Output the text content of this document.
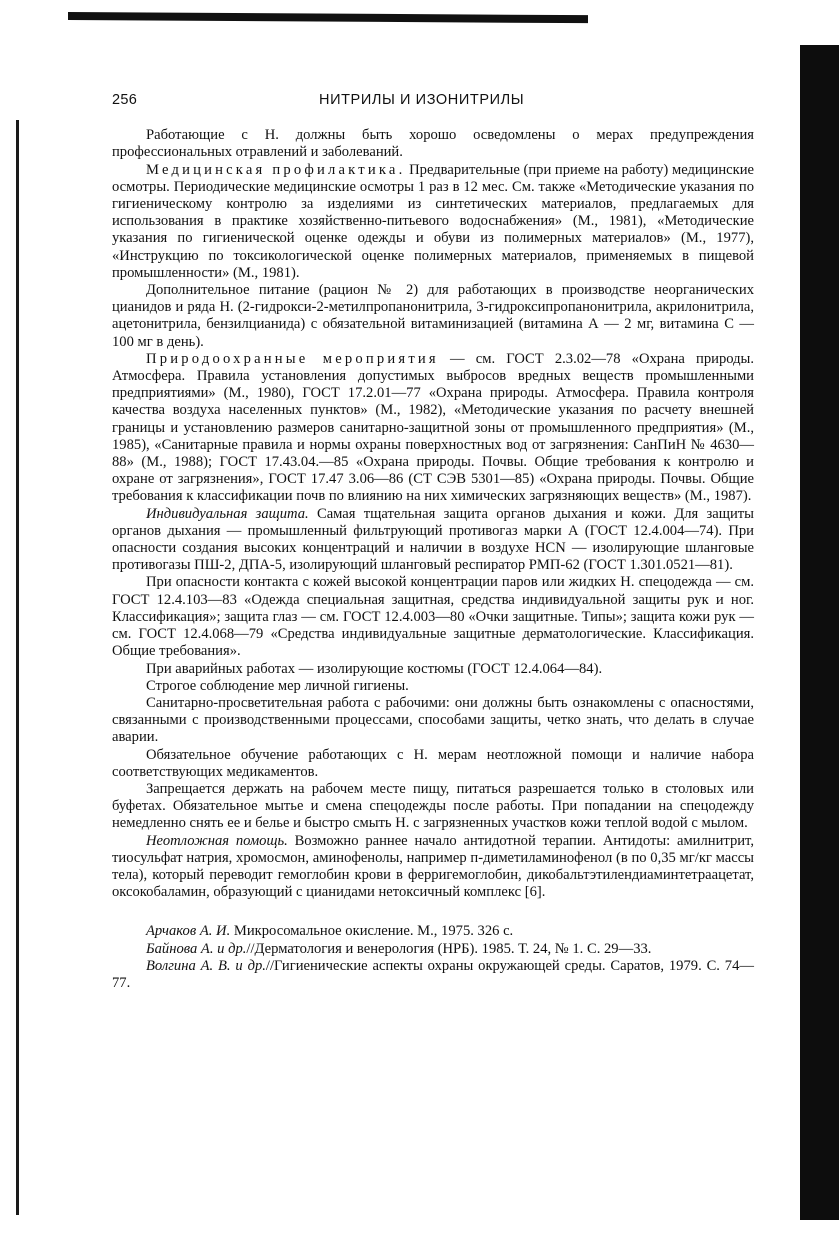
256	НИТРИЛЫ И ИЗОНИТРИЛЫ

Работающие с Н. должны быть хорошо осведомлены о мерах предупреждения профессиональных отравлений и заболеваний.

Медицинская профилактика. Предварительные (при приеме на работу) медицинские осмотры. Периодические медицинские осмотры 1 раз в 12 мес. См. также «Методические указания по гигиеническому контролю за изделиями из синтетических материалов, предлагаемых для использования в практике хозяйственно-питьевого водоснабжения» (М., 1981), «Методические указания по гигиенической оценке одежды и обуви из полимерных материалов» (М., 1977), «Инструкцию по токсикологической оценке полимерных материалов, применяемых в пищевой промышленности» (М., 1981).

Дополнительное питание (рацион № 2) для работающих в производстве неорганических цианидов и ряда Н. (2-гидрокси-2-метилпропанонитрила, 3-гидроксипропанонитрила, акрилонитрила, ацетонитрила, бензилцианида) с обязательной витаминизацией (витамина А — 2 мг, витамина С — 100 мг в день).

Природоохранные мероприятия — см. ГОСТ 2.3.02—78 «Охрана природы. Атмосфера. Правила установления допустимых выбросов вредных веществ промышленными предприятиями» (М., 1980), ГОСТ 17.2.01—77 «Охрана природы. Атмосфера. Правила контроля качества воздуха населенных пунктов» (М., 1982), «Методические указания по расчету внешней границы и установлению размеров санитарно-защитной зоны от промышленного предприятия» (М., 1985), «Санитарные правила и нормы охраны поверхностных вод от загрязнения: СанПиН № 4630—88» (М., 1988); ГОСТ 17.43.04.—85 «Охрана природы. Почвы. Общие требования к контролю и охране от загрязнения», ГОСТ 17.47 3.06—86 (СТ СЭВ 5301—85) «Охрана природы. Почвы. Общие требования к классификации почв по влиянию на них химических загрязняющих веществ» (М., 1987).

Индивидуальная защита. Самая тщательная защита органов дыхания и кожи. Для защиты органов дыхания — промышленный фильтрующий противогаз марки А (ГОСТ 12.4.004—74). При опасности создания высоких концентраций и наличии в воздухе HCN — изолирующие шланговые противогазы ПШ-2, ДПА-5, изолирующий шланговый респиратор РМП-62 (ГОСТ 1.301.0521—81).

При опасности контакта с кожей высокой концентрации паров или жидких Н. спецодежда — см. ГОСТ 12.4.103—83 «Одежда специальная защитная, средства индивидуальной защиты рук и ног. Классификация»; защита глаз — см. ГОСТ 12.4.003—80 «Очки защитные. Типы»; защита кожи рук — см. ГОСТ 12.4.068—79 «Средства индивидуальные защитные дерматологические. Классификация. Общие требования».

При аварийных работах — изолирующие костюмы (ГОСТ 12.4.064—84).

Строгое соблюдение мер личной гигиены.

Санитарно-просветительная работа с рабочими: они должны быть ознакомлены с опасностями, связанными с производственными процессами, способами защиты, четко знать, что делать в случае аварии.

Обязательное обучение работающих с Н. мерам неотложной помощи и наличие набора соответствующих медикаментов.

Запрещается держать на рабочем месте пищу, питаться разрешается только в столовых или буфетах. Обязательное мытье и смена спецодежды после работы. При попадании на спецодежду немедленно снять ее и белье и быстро смыть Н. с загрязненных участков кожи теплой водой с мылом.

Неотложная помощь. Возможно раннее начало антидотной терапии. Антидоты: амилнитрит, тиосульфат натрия, хромосмон, аминофенолы, например п-диметиламинофенол (в по 0,35 мг/кг массы тела), который переводит гемоглобин крови в ферригемоглобин, дикобальтэтилендиаминтетраацетат, оксокобаламин, образующий с цианидами нетоксичный комплекс [6].

Арчаков А. И. Микросомальное окисление. М., 1975. 326 с.

Байнова А. и др.//Дерматология и венерология (НРБ). 1985. Т. 24, № 1. С. 29—33.

Волгина А. В. и др.//Гигиенические аспекты охраны окружающей среды. Саратов, 1979. С. 74—77.
